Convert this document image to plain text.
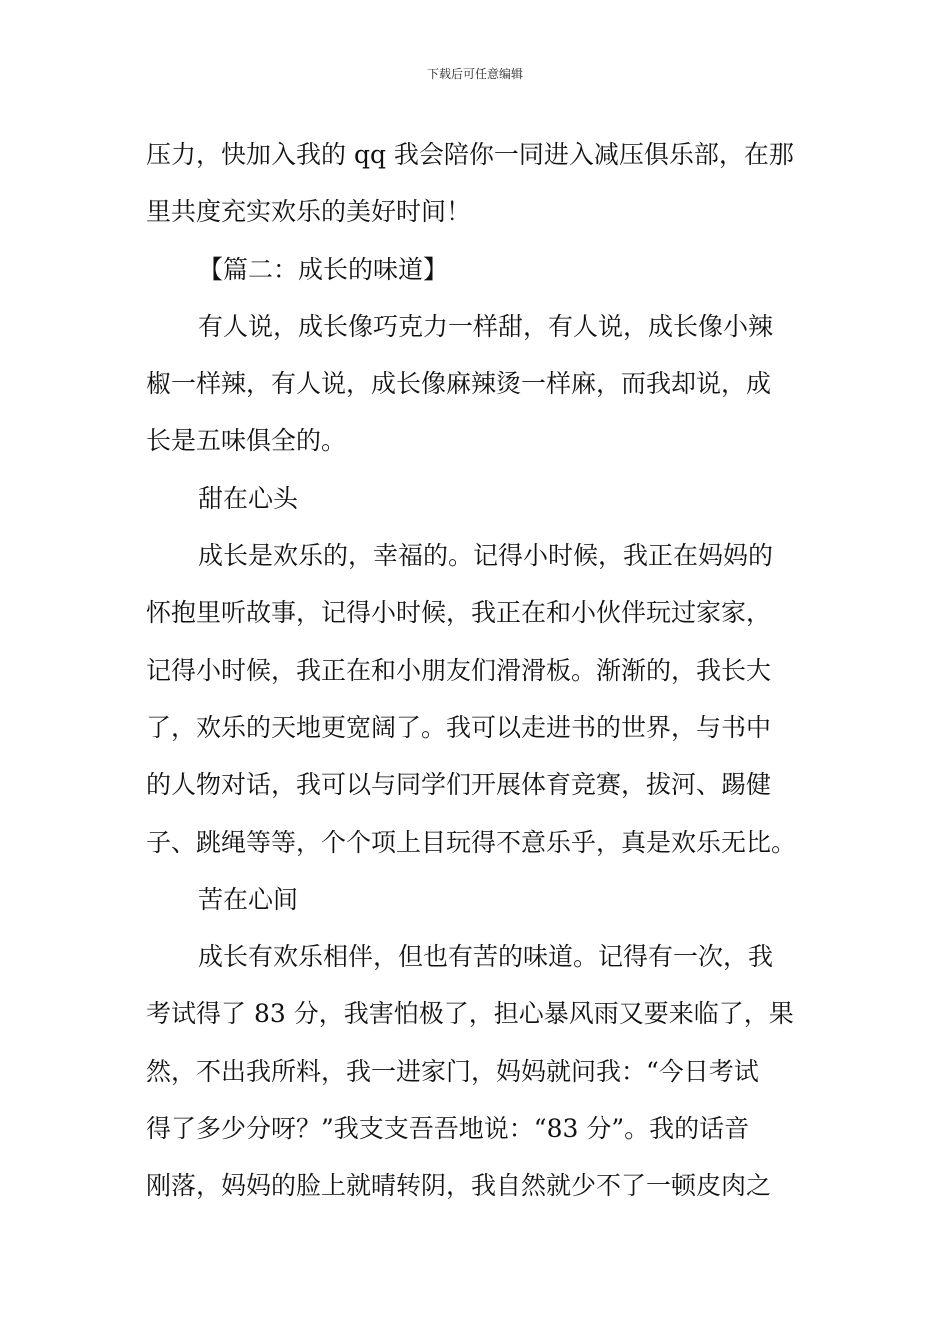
下载后可任意编辑
压力，快加入我的 qq 我会陪你一同进入减压俱乐部，在那
里共度充实欢乐的美好时间！
【篇二：成长的味道】
有人说，成长像巧克力一样甜，有人说，成长像小辣
椒一样辣，有人说，成长像麻辣烫一样麻，而我却说，成
长是五味俱全的。
甜在心头
成长是欢乐的，幸福的。记得小时候，我正在妈妈的
怀抱里听故事，记得小时候，我正在和小伙伴玩过家家，
记得小时候，我正在和小朋友们滑滑板。渐渐的，我长大
了，欢乐的天地更宽阔了。我可以走进书的世界，与书中
的人物对话，我可以与同学们开展体育竞赛，拔河、踢健
子、跳绳等等，个个项上目玩得不意乐乎，真是欢乐无比。
苦在心间
成长有欢乐相伴，但也有苦的味道。记得有一次，我
考试得了 83 分，我害怕极了，担心暴风雨又要来临了，果
然，不出我所料，我一进家门，妈妈就问我：“今日考试
得了多少分呀？”我支支吾吾地说：“83 分”。我的话音
刚落，妈妈的脸上就晴转阴，我自然就少不了一顿皮肉之
